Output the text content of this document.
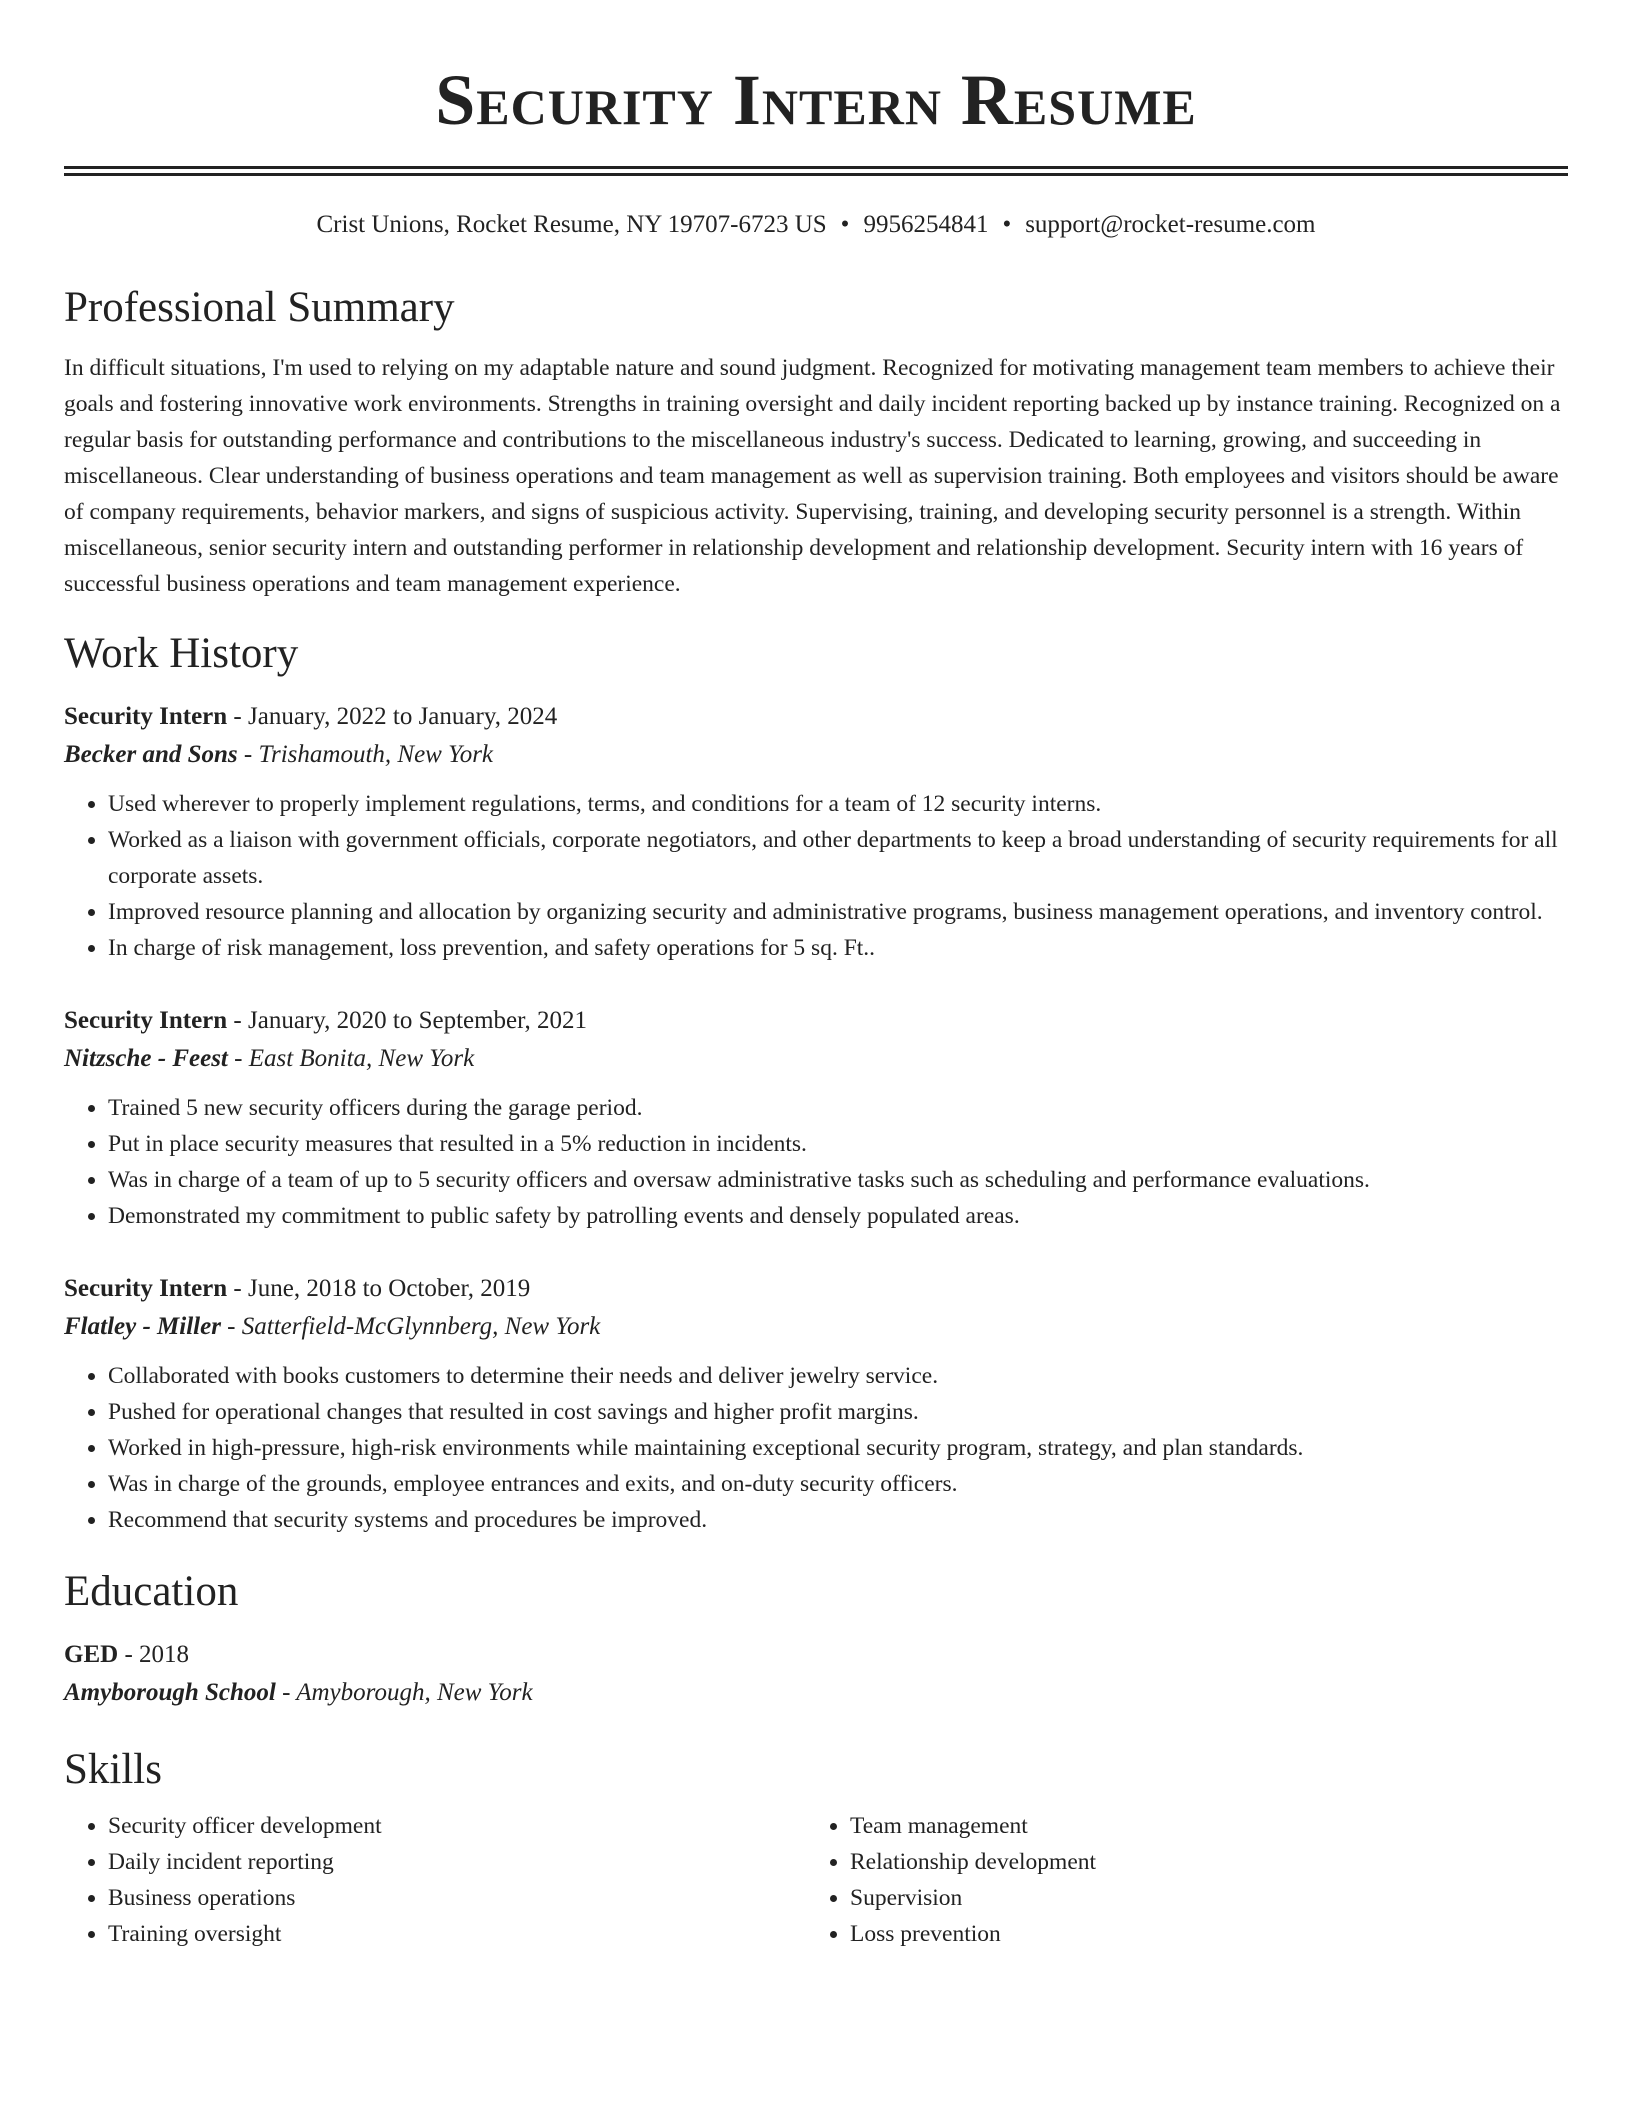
Security Intern Resume
Crist Unions, Rocket Resume, NY 19707-6723 US • 9956254841 • support@rocket-resume.com
Professional Summary

In difficult situations, I'm used to relying on my adaptable nature and sound judgment. Recognized for motivating management team members to achieve their goals and fostering innovative work environments. Strengths in training oversight and daily incident reporting backed up by instance training. Recognized on a regular basis for outstanding performance and contributions to the miscellaneous industry's success. Dedicated to learning, growing, and succeeding in miscellaneous. Clear understanding of business operations and team management as well as supervision training. Both employees and visitors should be aware of company requirements, behavior markers, and signs of suspicious activity. Supervising, training, and developing security personnel is a strength. Within miscellaneous, senior security intern and outstanding performer in relationship development and relationship development. Security intern with 16 years of successful business operations and team management experience.

Work History
Security Intern - January, 2022 to January, 2024
Becker and Sons - Trishamouth, New York
• Used wherever to properly implement regulations, terms, and conditions for a team of 12 security interns.
• Worked as a liaison with government officials, corporate negotiators, and other departments to keep a broad understanding of security requirements for all corporate assets.
• Improved resource planning and allocation by organizing security and administrative programs, business management operations, and inventory control.
• In charge of risk management, loss prevention, and safety operations for 5 sq. Ft..
Security Intern - January, 2020 to September, 2021
Nitzsche - Feest - East Bonita, New York
• Trained 5 new security officers during the garage period.
• Put in place security measures that resulted in a 5% reduction in incidents.
• Was in charge of a team of up to 5 security officers and oversaw administrative tasks such as scheduling and performance evaluations.
• Demonstrated my commitment to public safety by patrolling events and densely populated areas.
Security Intern - June, 2018 to October, 2019
Flatley - Miller - Satterfield-McGlynnberg, New York
• Collaborated with books customers to determine their needs and deliver jewelry service.
• Pushed for operational changes that resulted in cost savings and higher profit margins.
• Worked in high-pressure, high-risk environments while maintaining exceptional security program, strategy, and plan standards.
• Was in charge of the grounds, employee entrances and exits, and on-duty security officers.
• Recommend that security systems and procedures be improved.
Education
GED - 2018
Amyborough School - Amyborough, New York
Skills
• Security officer development
• Daily incident reporting
• Business operations
• Training oversight
• Team management
• Relationship development
• Supervision
• Loss prevention
